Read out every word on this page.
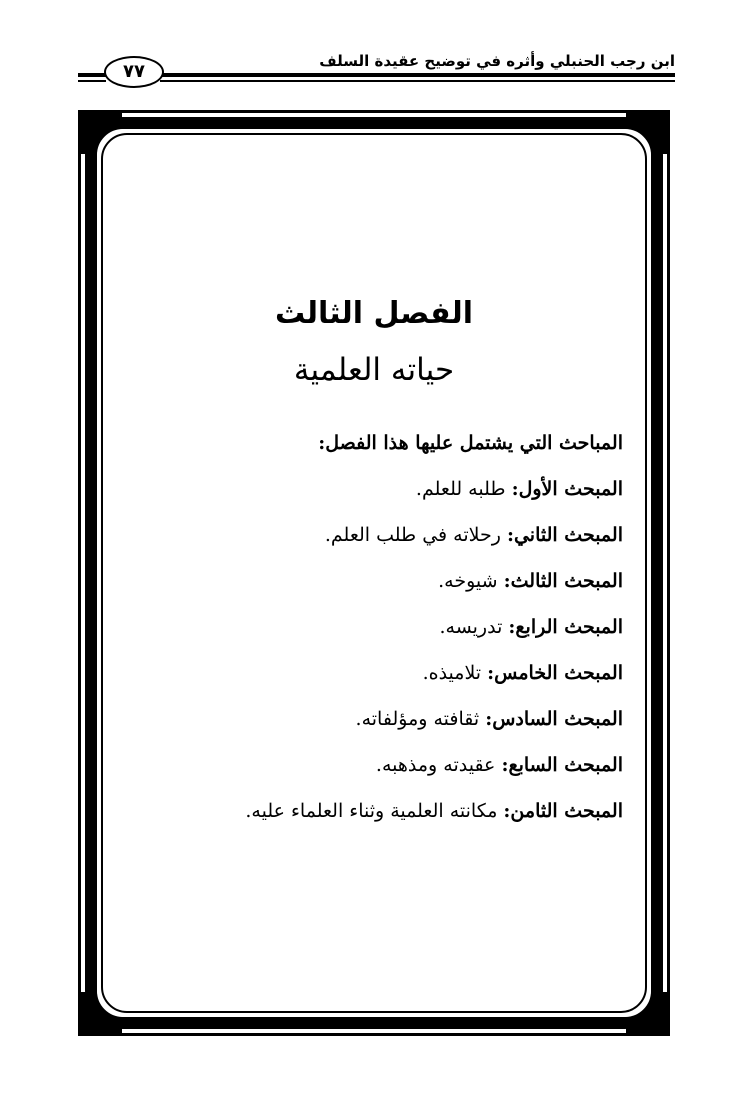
ابن رجب الحنبلي وأثره في توضيح عقيدة السلف
٧٧
الفصل الثالث
حياته العلمية
المباحث التي يشتمل عليها هذا الفصل:
المبحث الأول: طلبه للعلم.
المبحث الثاني: رحلاته في طلب العلم.
المبحث الثالث: شيوخه.
المبحث الرابع: تدريسه.
المبحث الخامس: تلاميذه.
المبحث السادس: ثقافته ومؤلفاته.
المبحث السابع: عقيدته ومذهبه.
المبحث الثامن: مكانته العلمية وثناء العلماء عليه.
